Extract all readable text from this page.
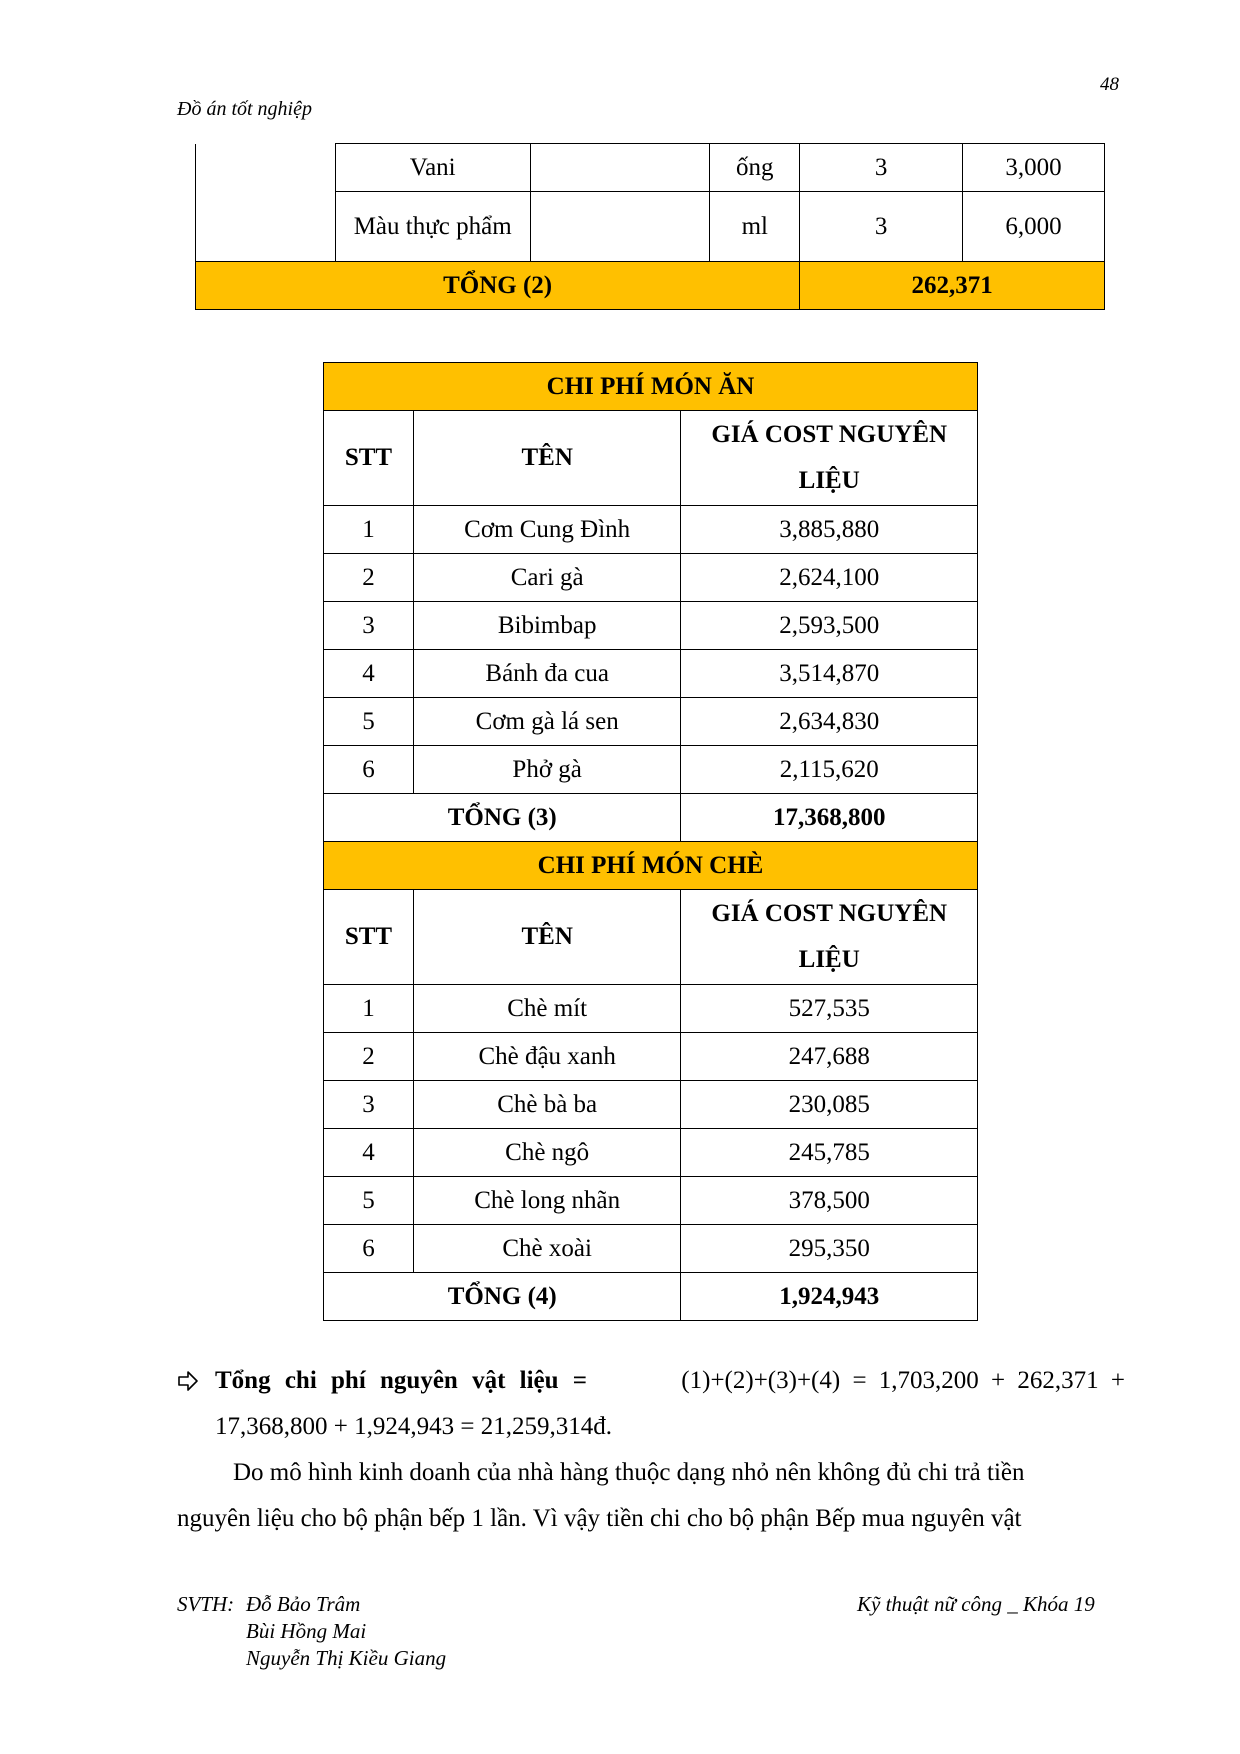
Đồ án tốt nghiệp
48
	Vani		ống	3	3,000
	Màu thực phẩm		ml	3	6,000
TỔNG (2)				262,371	
CHI PHÍ MÓN ĂN		
STT	TÊN	GIÁ COST NGUYÊN LIỆU
1	Cơm Cung Đình	3,885,880
2	Cari gà	2,624,100
3	Bibimbap	2,593,500
4	Bánh đa cua	3,514,870
5	Cơm gà lá sen	2,634,830
6	Phở gà	2,115,620
TỔNG (3)		17,368,800
CHI PHÍ MÓN CHÈ		
STT	TÊN	GIÁ COST NGUYÊN LIỆU
1	Chè mít	527,535
2	Chè đậu xanh	247,688
3	Chè bà ba	230,085
4	Chè ngô	245,785
5	Chè long nhãn	378,500
6	Chè xoài	295,350
TỔNG (4)		1,924,943
Tổng chi phí nguyên vật liệu =	(1)+(2)+(3)+(4) = 1,703,200 + 262,371 +
17,368,800 + 1,924,943 = 21,259,314đ.
Do mô hình kinh doanh của nhà hàng thuộc dạng nhỏ nên không đủ chi trả tiền
nguyên liệu cho bộ phận bếp 1 lần. Vì vậy tiền chi cho bộ phận Bếp mua nguyên vật
SVTH: Đỗ Bảo Trâm
Bùi Hồng Mai
Nguyễn Thị Kiều Giang
Kỹ thuật nữ công _ Khóa 19
